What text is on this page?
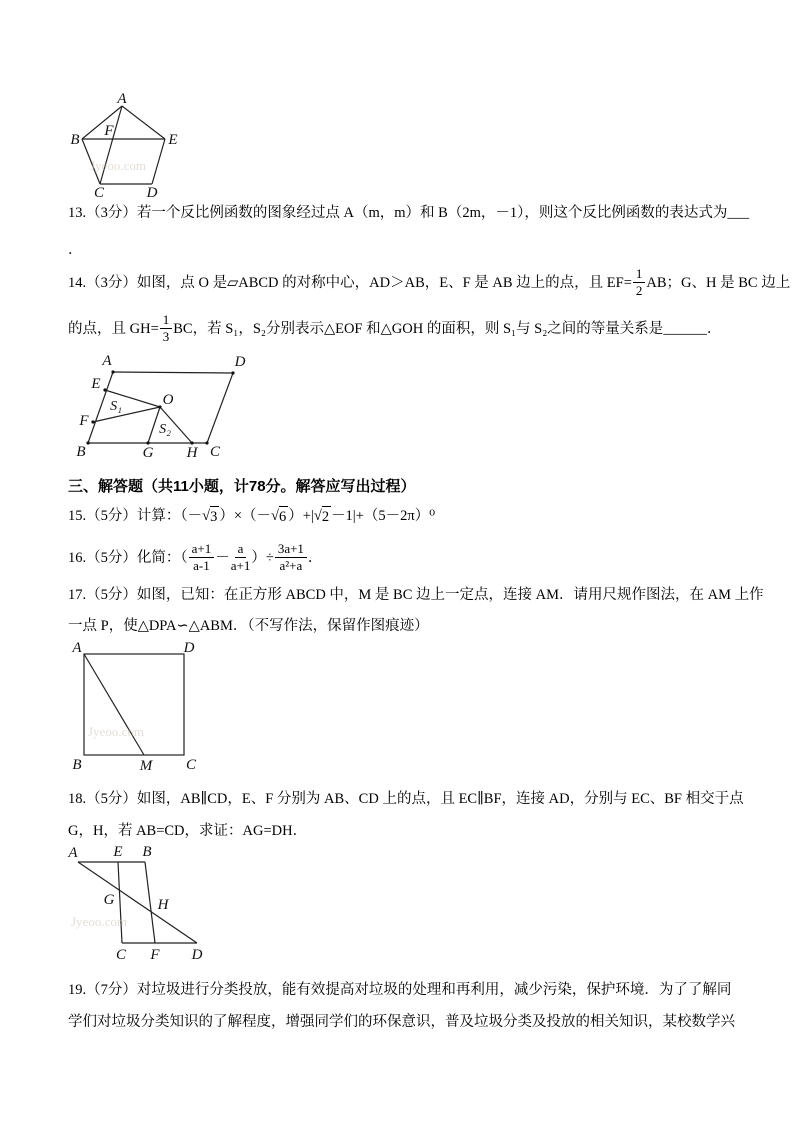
Jyeoo.com
A
B	E
F
C	D
13.（3分）若一个反比例函数的图象经过点 A（m，m）和 B（2m，－1），则这个反比例函数的表达式为 ___
．
14.（3分）如图，点 O 是▱ABCD 的对称中心，AD＞AB，E、F 是 AB 边上的点，且 $EF= \frac{1}{2}$ AB；G、H 是 BC 边上
的点，且 $GH= \frac{1}{3}$ BC，若 S₁，S₂分别表示△EOF 和△GOH 的面积，则 S₁与 S₂之间的等量关系是 ______ ．
A	D
E
F
B	G H C
O
S₁
S₂
三、解答题（共11小题，计78分。解答应写出过程）
15.（5分）计算：（－ √ 3 ）×（－ √ 6 ）+| √ 2 －1|+（5－2π） ⁰
16.（5分）化简：（ $\frac{a+1}{a-1} - \frac{a}{a+1}$ ）÷ $\frac{3a+1}{\text{a²+a}}$ ．
17.（5分）如图，已知：在正方形 ABCD 中，M 是 BC 边上一定点，连接 AM．请用尺规作图法，在 AM 上作
一点 P，使△DPA∽△ABM．（不写作法，保留作图痕迹）
Jyeoo.com
A	D
B	C
M
18.（5分）如图，AB∥CD，E、F 分别为 AB、CD 上的点，且 EC∥BF，连接 AD，分别与 EC、BF 相交于点
G，H，若 AB=CD，求证：AG=DH．
Jyeoo.com
A E B
G	H
C F D
19.（7分）对垃圾进行分类投放，能有效提高对垃圾的处理和再利用，减少污染，保护环境．为了了解同
学们对垃圾分类知识的了解程度，增强同学们的环保意识，普及垃圾分类及投放的相关知识，某校数学兴
